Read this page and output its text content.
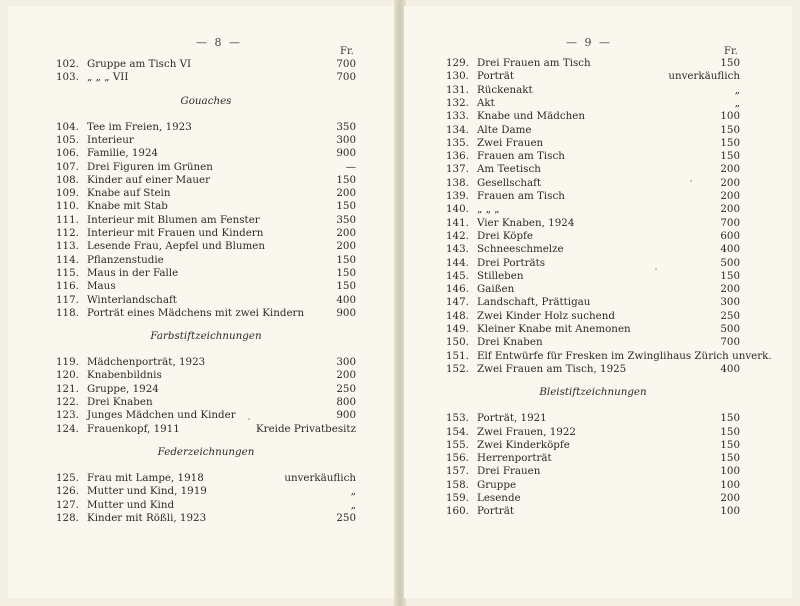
— 8 —
Fr.
— 9 —
Fr.
102. Gruppe am Tisch VI	700
103. „ „ „ VII	700
Gouaches
104. Tee im Freien, 1923	350
105. Interieur	300
106. Familie, 1924	900
107. Drei Figuren im Grünen	—
108. Kinder auf einer Mauer	150
109. Knabe auf Stein	200
110. Knabe mit Stab	150
111. Interieur mit Blumen am Fenster	350
112. Interieur mit Frauen und Kindern	200
113. Lesende Frau, Aepfel und Blumen	200
114. Pflanzenstudie	150
115. Maus in der Falle	150
116. Maus	150
117. Winterlandschaft	400
118. Porträt eines Mädchens mit zwei Kindern	900
Farbstiftzeichnungen
119. Mädchenporträt, 1923	300
120. Knabenbildnis	200
121. Gruppe, 1924	250
122. Drei Knaben	800
123. Junges Mädchen und Kinder	900
124. Frauenkopf, 1911	Kreide Privatbesitz
Federzeichnungen
125. Frau mit Lampe, 1918	unverkäuflich
126. Mutter und Kind, 1919	„
127. Mutter und Kind	„
128. Kinder mit Rößli, 1923	250
129. Drei Frauen am Tisch	150
130. Porträt	unverkäuflich
131. Rückenakt	„
132. Akt	„
133. Knabe und Mädchen	100
134. Alte Dame	150
135. Zwei Frauen	150
136. Frauen am Tisch	150
137. Am Teetisch	200
138. Gesellschaft	200
139. Frauen am Tisch	200
140. „ „ „	200
141. Vier Knaben, 1924	700
142. Drei Köpfe	600
143. Schneeschmelze	400
144. Drei Porträts	500
145. Stilleben	150
146. Gaißen	200
147. Landschaft, Prättigau	300
148. Zwei Kinder Holz suchend	250
149. Kleiner Knabe mit Anemonen	500
150. Drei Knaben	700
151. Elf Entwürfe für Fresken im Zwinglihaus Zürich unverk.
152. Zwei Frauen am Tisch, 1925	400
Bleistiftzeichnungen
153. Porträt, 1921	150
154. Zwei Frauen, 1922	150
155. Zwei Kinderköpfe	150
156. Herrenporträt	150
157. Drei Frauen	100
158. Gruppe	100
159. Lesende	200
160. Porträt	100
